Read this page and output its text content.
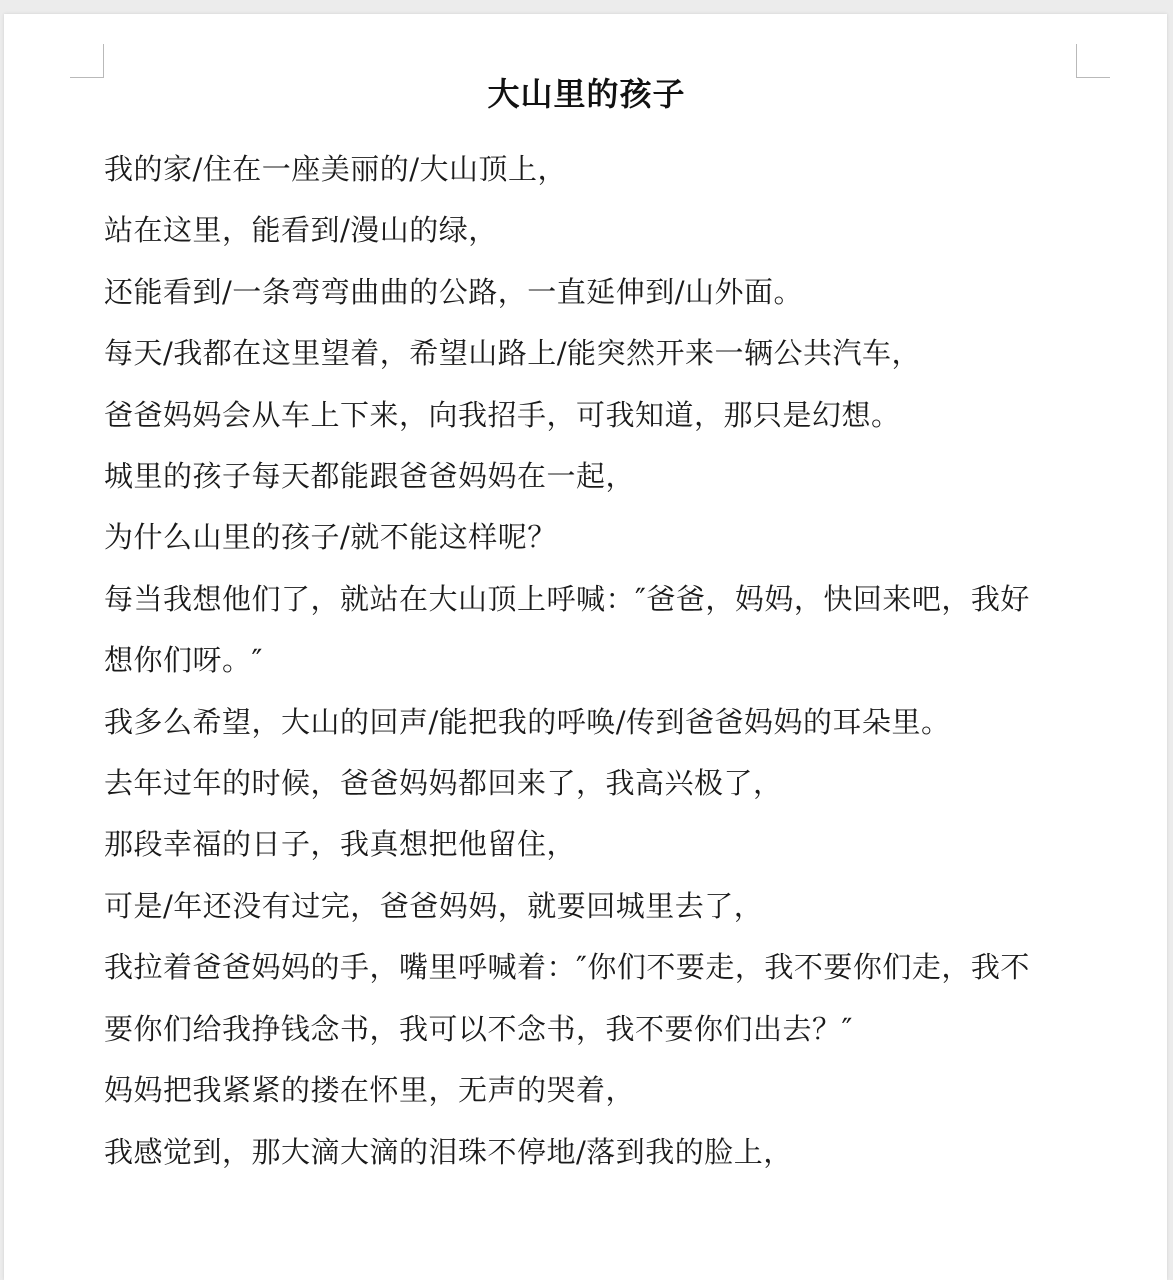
大山里的孩子

我的家/住在一座美丽的/大山顶上，

站在这里，能看到/漫山的绿，

还能看到/一条弯弯曲曲的公路，一直延伸到/山外面。

每天/我都在这里望着，希望山路上/能突然开来一辆公共汽车，

爸爸妈妈会从车上下来，向我招手，可我知道，那只是幻想。

城里的孩子每天都能跟爸爸妈妈在一起，

为什么山里的孩子/就不能这样呢？

每当我想他们了，就站在大山顶上呼喊：″爸爸，妈妈，快回来吧，我好

想你们呀。″

我多么希望，大山的回声/能把我的呼唤/传到爸爸妈妈的耳朵里。

去年过年的时候，爸爸妈妈都回来了，我高兴极了，

那段幸福的日子，我真想把他留住，

可是/年还没有过完，爸爸妈妈，就要回城里去了，

我拉着爸爸妈妈的手，嘴里呼喊着：″你们不要走，我不要你们走，我不

要你们给我挣钱念书，我可以不念书，我不要你们出去？″

妈妈把我紧紧的搂在怀里，无声的哭着，

我感觉到，那大滴大滴的泪珠不停地/落到我的脸上，
